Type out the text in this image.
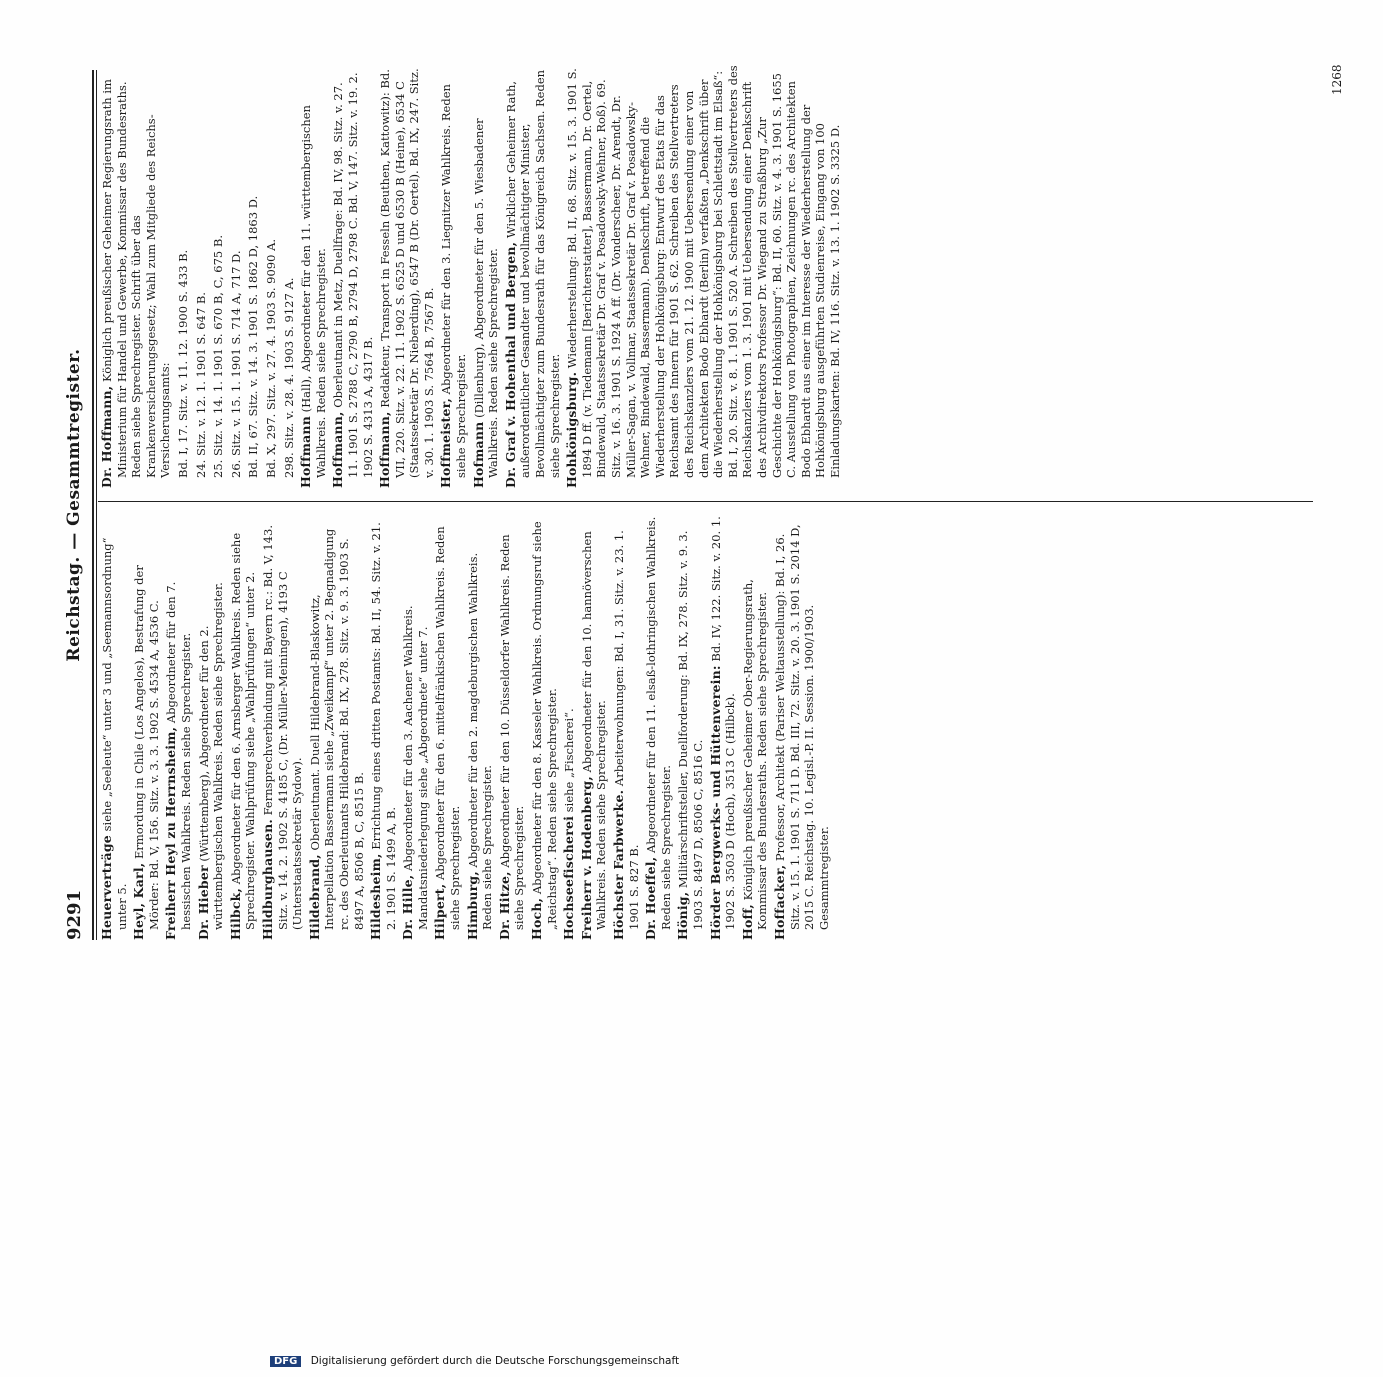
9291
Reichstag. — Gesammtregister.
Heuerverträge siehe „Seeleute“ unter 3 und „Seemannsordnung“ unter 5. Heyl, Karl, Ermordung in Chile (Los Angelos), Bestrafung der Mörder: Bd. V, 156. Sitz. v. 3. 3. 1902 S. 4534 A, 4536 C. Freiherr Heyl zu Herrnsheim, Abgeordneter für den 7. hessischen Wahlkreis. Reden siehe Sprechregister. Dr. Hieber (Württemberg), Abgeordneter für den 2. württembergischen Wahlkreis. Reden siehe Sprechregister. Hilbck, Abgeordneter für den 6. Arnsberger Wahlkreis. Reden siehe Sprechregister. Wahlprüfung siehe „Wahlprüfungen“ unter 2. Hildburghausen. Fernsprechverbindung mit Bayern rc.: Bd. V, 143. Sitz. v. 14. 2. 1902 S. 4185 C, (Dr. Müller-Meiningen), 4193 C (Unterstaatssekretär Sydow). Hildebrand, Oberleutnant. Duell Hildebrand-Blaskowitz, Interpellation Bassermann siehe „Zweikampf“ unter 2. Begnadigung rc. des Oberleutnants Hildebrand: Bd. IX, 278. Sitz. v. 9. 3. 1903 S. 8497 A, 8506 B, C, 8515 B. Hildesheim, Errichtung eines dritten Postamts: Bd. II, 54. Sitz. v. 21. 2. 1901 S. 1499 A, B. Dr. Hille, Abgeordneter für den 3. Aachener Wahlkreis. Mandatsniederlegung siehe „Abgeordnete“ unter 7. Hilpert, Abgeordneter für den 6. mittelfränkischen Wahlkreis. Reden siehe Sprechregister. Himburg, Abgeordneter für den 2. magdeburgischen Wahlkreis. Reden siehe Sprechregister. Dr. Hitze, Abgeordneter für den 10. Düsseldorfer Wahlkreis. Reden siehe Sprechregister. Hoch, Abgeordneter für den 8. Kasseler Wahlkreis. Ordnungsruf siehe „Reichstag“. Reden siehe Sprechregister. Hochseefischerei siehe „Fischerei“.
Freiherr v. Hodenberg, Abgeordneter für den 10. hannöverschen Wahlkreis. Reden siehe Sprechregister. Höchster Farbwerke. Arbeiterwohnungen: Bd. I, 31. Sitz. v. 23. 1. 1901 S. 827 B. Dr. Hoeffel, Abgeordneter für den 11. elsaß-lothringischen Wahlkreis. Reden siehe Sprechregister. Hönig, Militärschriftsteller, Duellforderung: Bd. IX, 278. Sitz. v. 9. 3. 1903 S. 8497 D, 8506 C, 8516 C. Hörder Bergwerks- und Hüttenverein: Bd. IV, 122. Sitz. v. 20. 1. 1902 S. 3503 D (Hoch), 3513 C (Hilbck). Hoff, Königlich preußischer Geheimer Ober-Regierungsrath, Kommissar des Bundesraths. Reden siehe Sprechregister. Hoffacker, Professor, Architekt (Pariser Weltausstellung): Bd. I, 26. Sitz. v. 15. 1. 1901 S. 711 D. Bd. III, 72. Sitz. v. 20. 3. 1901 S. 2014 D, 2015 C. Reichstag. 10. Legisl.-P. II. Session. 1900/1903. Gesammtregister.
Dr. Hoffmann, Königlich preußischer Geheimer Regierungsrath im Ministerium für Handel und Gewerbe, Kommissar des Bundesraths. Reden siehe Sprechregister. Schrift über das Krankenversicherungsgesetz; Wahl zum Mitgliede des Reichs-Versicherungsamts: Bd. I, 17. Sitz. v. 11. 12. 1900 S. 433 B. 24. Sitz. v. 12. 1. 1901 S. 647 B. 25. Sitz. v. 14. 1. 1901 S. 670 B, C, 675 B. 26. Sitz. v. 15. 1. 1901 S. 714 A, 717 D. Bd. II, 67. Sitz. v. 14. 3. 1901 S. 1862 D, 1863 D. Bd. X, 297. Sitz. v. 27. 4. 1903 S. 9090 A. 298. Sitz. v. 28. 4. 1903 S. 9127 A. Hoffmann (Hall), Abgeordneter für den 11. württembergischen Wahlkreis. Reden siehe Sprechregister. Hoffmann, Oberleutnant in Metz, Duellfrage: Bd. IV, 98. Sitz. v. 27. 11. 1901 S. 2788 C, 2790 B, 2794 D, 2798 C. Bd. V, 147. Sitz. v. 19. 2. 1902 S. 4313 A, 4317 B. Hoffmann, Redakteur, Transport in Fesseln (Beuthen, Kattowitz): Bd. VII, 220. Sitz. v. 22. 11. 1902 S. 6525 D und 6530 B (Heine), 6534 C (Staatssekretär Dr. Nieberding), 6547 B (Dr. Oertel). Bd. IX, 247. Sitz. v. 30. 1. 1903 S. 7564 B, 7567 B. Hoffmeister, Abgeordneter für den 3. Liegnitzer Wahlkreis. Reden siehe Sprechregister. Hofmann (Dillenburg), Abgeordneter für den 5. Wiesbadener Wahlkreis. Reden siehe Sprechregister. Dr. Graf v. Hohenthal und Bergen, Wirklicher Geheimer Rath, außerordentlicher Gesandter und bevollmächtigter Minister, Bevollmächtigter zum Bundesrath für das Königreich Sachsen. Reden siehe Sprechregister. Hohkönigsburg. Wiederherstellung: Bd. II, 68. Sitz. v. 15. 3. 1901 S. 1894 D ff. (v. Tiedemann [Berichterstatter], Bassermann, Dr. Oertel, Bindewald, Staatssekretär Dr. Graf v. Posadowsky-Wehner, Roß). 69. Sitz. v. 16. 3. 1901 S. 1924 A ff. (Dr. Vonderscheer, Dr. Arendt, Dr. Müller-Sagan, v. Vollmar, Staatssekretär Dr. Graf v. Posadowsky-Wehner, Bindewald, Bassermann). Denkschrift, betreffend die Wiederherstellung der Hohkönigsburg: Entwurf des Etats für das Reichsamt des Innern für 1901 S. 62. Schreiben des Stellvertreters des Reichskanzlers vom 21. 12. 1900 mit Uebersendung einer von dem Architekten Bodo Ebhardt (Berlin) verfaßten „Denkschrift über die Wiederherstellung der Hohkönigsburg bei Schlettstadt im Elsaß“: Bd. I, 20. Sitz. v. 8. 1. 1901 S. 520 A. Schreiben des Stellvertreters des Reichskanzlers vom 1. 3. 1901 mit Uebersendung einer Denkschrift des Archivdirektors Professor Dr. Wiegand zu Straßburg „Zur Geschichte der Hohkönigsburg“: Bd. II, 60. Sitz. v. 4. 3. 1901 S. 1655 C. Ausstellung von Photographien, Zeichnungen rc. des Architekten Bodo Ebhardt aus einer im Interesse der Wiederherstellung der Hohkönigsburg ausgeführten Studienreise, Eingang von 100 Einladungskarten: Bd. IV, 116. Sitz. v. 13. 1. 1902 S. 3325 D.
1268
DFG Digitalisierung gefördert durch die Deutsche Forschungsgemeinschaft
